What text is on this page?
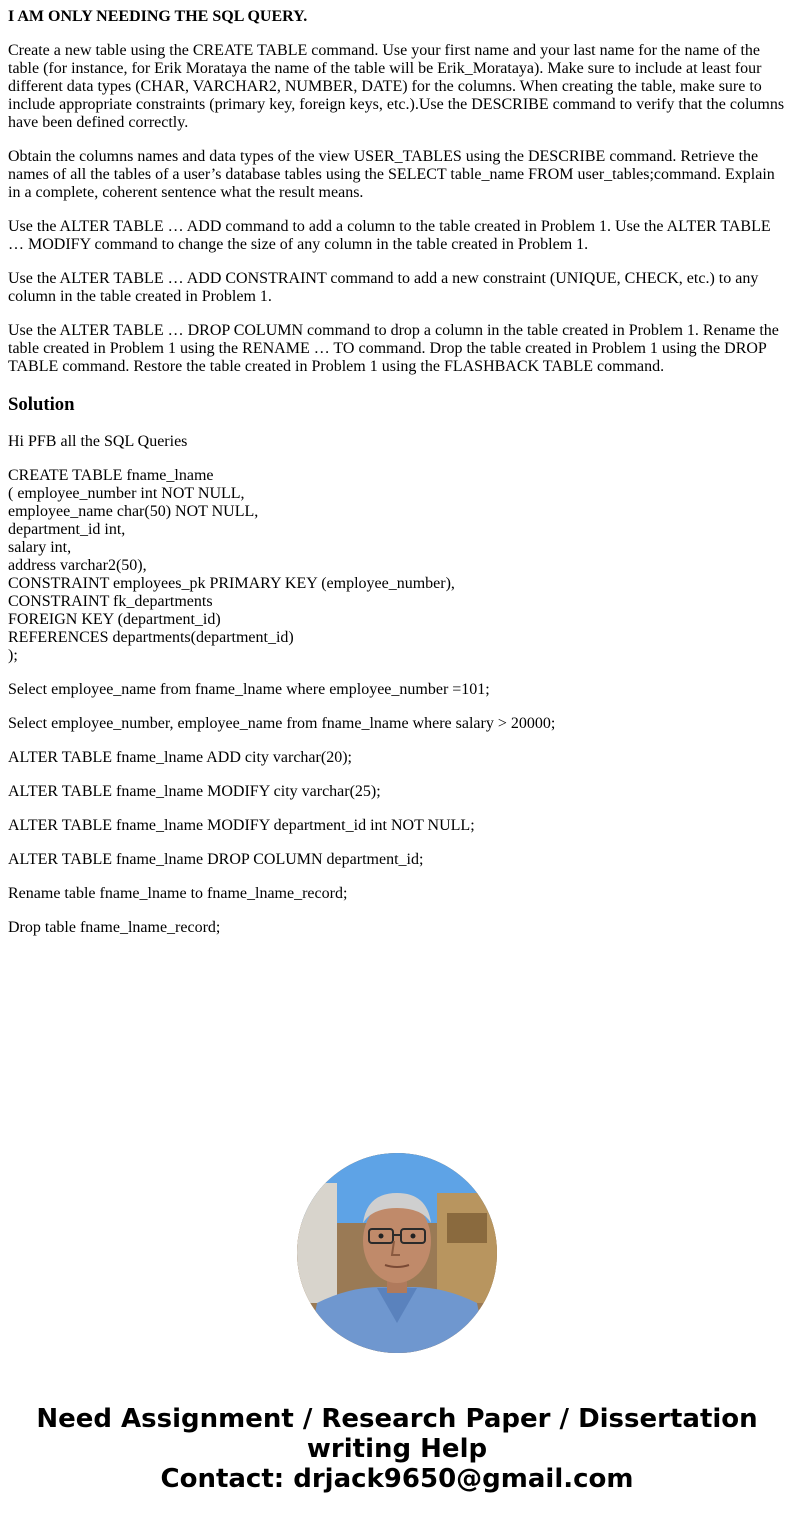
I AM ONLY NEEDING THE SQL QUERY.

Create a new table using the CREATE TABLE command. Use your first name and your last name for the name of the table (for instance, for Erik Morataya the name of the table will be Erik_Morataya). Make sure to include at least four different data types (CHAR, VARCHAR2, NUMBER, DATE) for the columns. When creating the table, make sure to include appropriate constraints (primary key, foreign keys, etc.).Use the DESCRIBE command to verify that the columns have been defined correctly.

Obtain the columns names and data types of the view USER_TABLES using the DESCRIBE command. Retrieve the names of all the tables of a user’s database tables using the SELECT table_name FROM user_tables;command. Explain in a complete, coherent sentence what the result means.

Use the ALTER TABLE … ADD command to add a column to the table created in Problem 1. Use the ALTER TABLE … MODIFY command to change the size of any column in the table created in Problem 1.

Use the ALTER TABLE … ADD CONSTRAINT command to add a new constraint (UNIQUE, CHECK, etc.) to any column in the table created in Problem 1.

Use the ALTER TABLE … DROP COLUMN command to drop a column in the table created in Problem 1. Rename the table created in Problem 1 using the RENAME … TO command. Drop the table created in Problem 1 using the DROP TABLE command. Restore the table created in Problem 1 using the FLASHBACK TABLE command.

Solution

Hi PFB all the SQL Queries

CREATE TABLE fname_lname
( employee_number int NOT NULL,
employee_name char(50) NOT NULL,
department_id int,
salary int,
address varchar2(50),
CONSTRAINT employees_pk PRIMARY KEY (employee_number),
CONSTRAINT fk_departments
FOREIGN KEY (department_id)
REFERENCES departments(department_id)
);

Select employee_name from fname_lname where employee_number =101;

Select employee_number, employee_name from fname_lname where salary > 20000;

ALTER TABLE fname_lname ADD city varchar(20);

ALTER TABLE fname_lname MODIFY city varchar(25);

ALTER TABLE fname_lname MODIFY department_id int NOT NULL;

ALTER TABLE fname_lname DROP COLUMN department_id;

Rename table fname_lname to fname_lname_record;

Drop table fname_lname_record;

Need Assignment / Research Paper / Dissertation
writing Help
Contact: drjack9650@gmail.com
